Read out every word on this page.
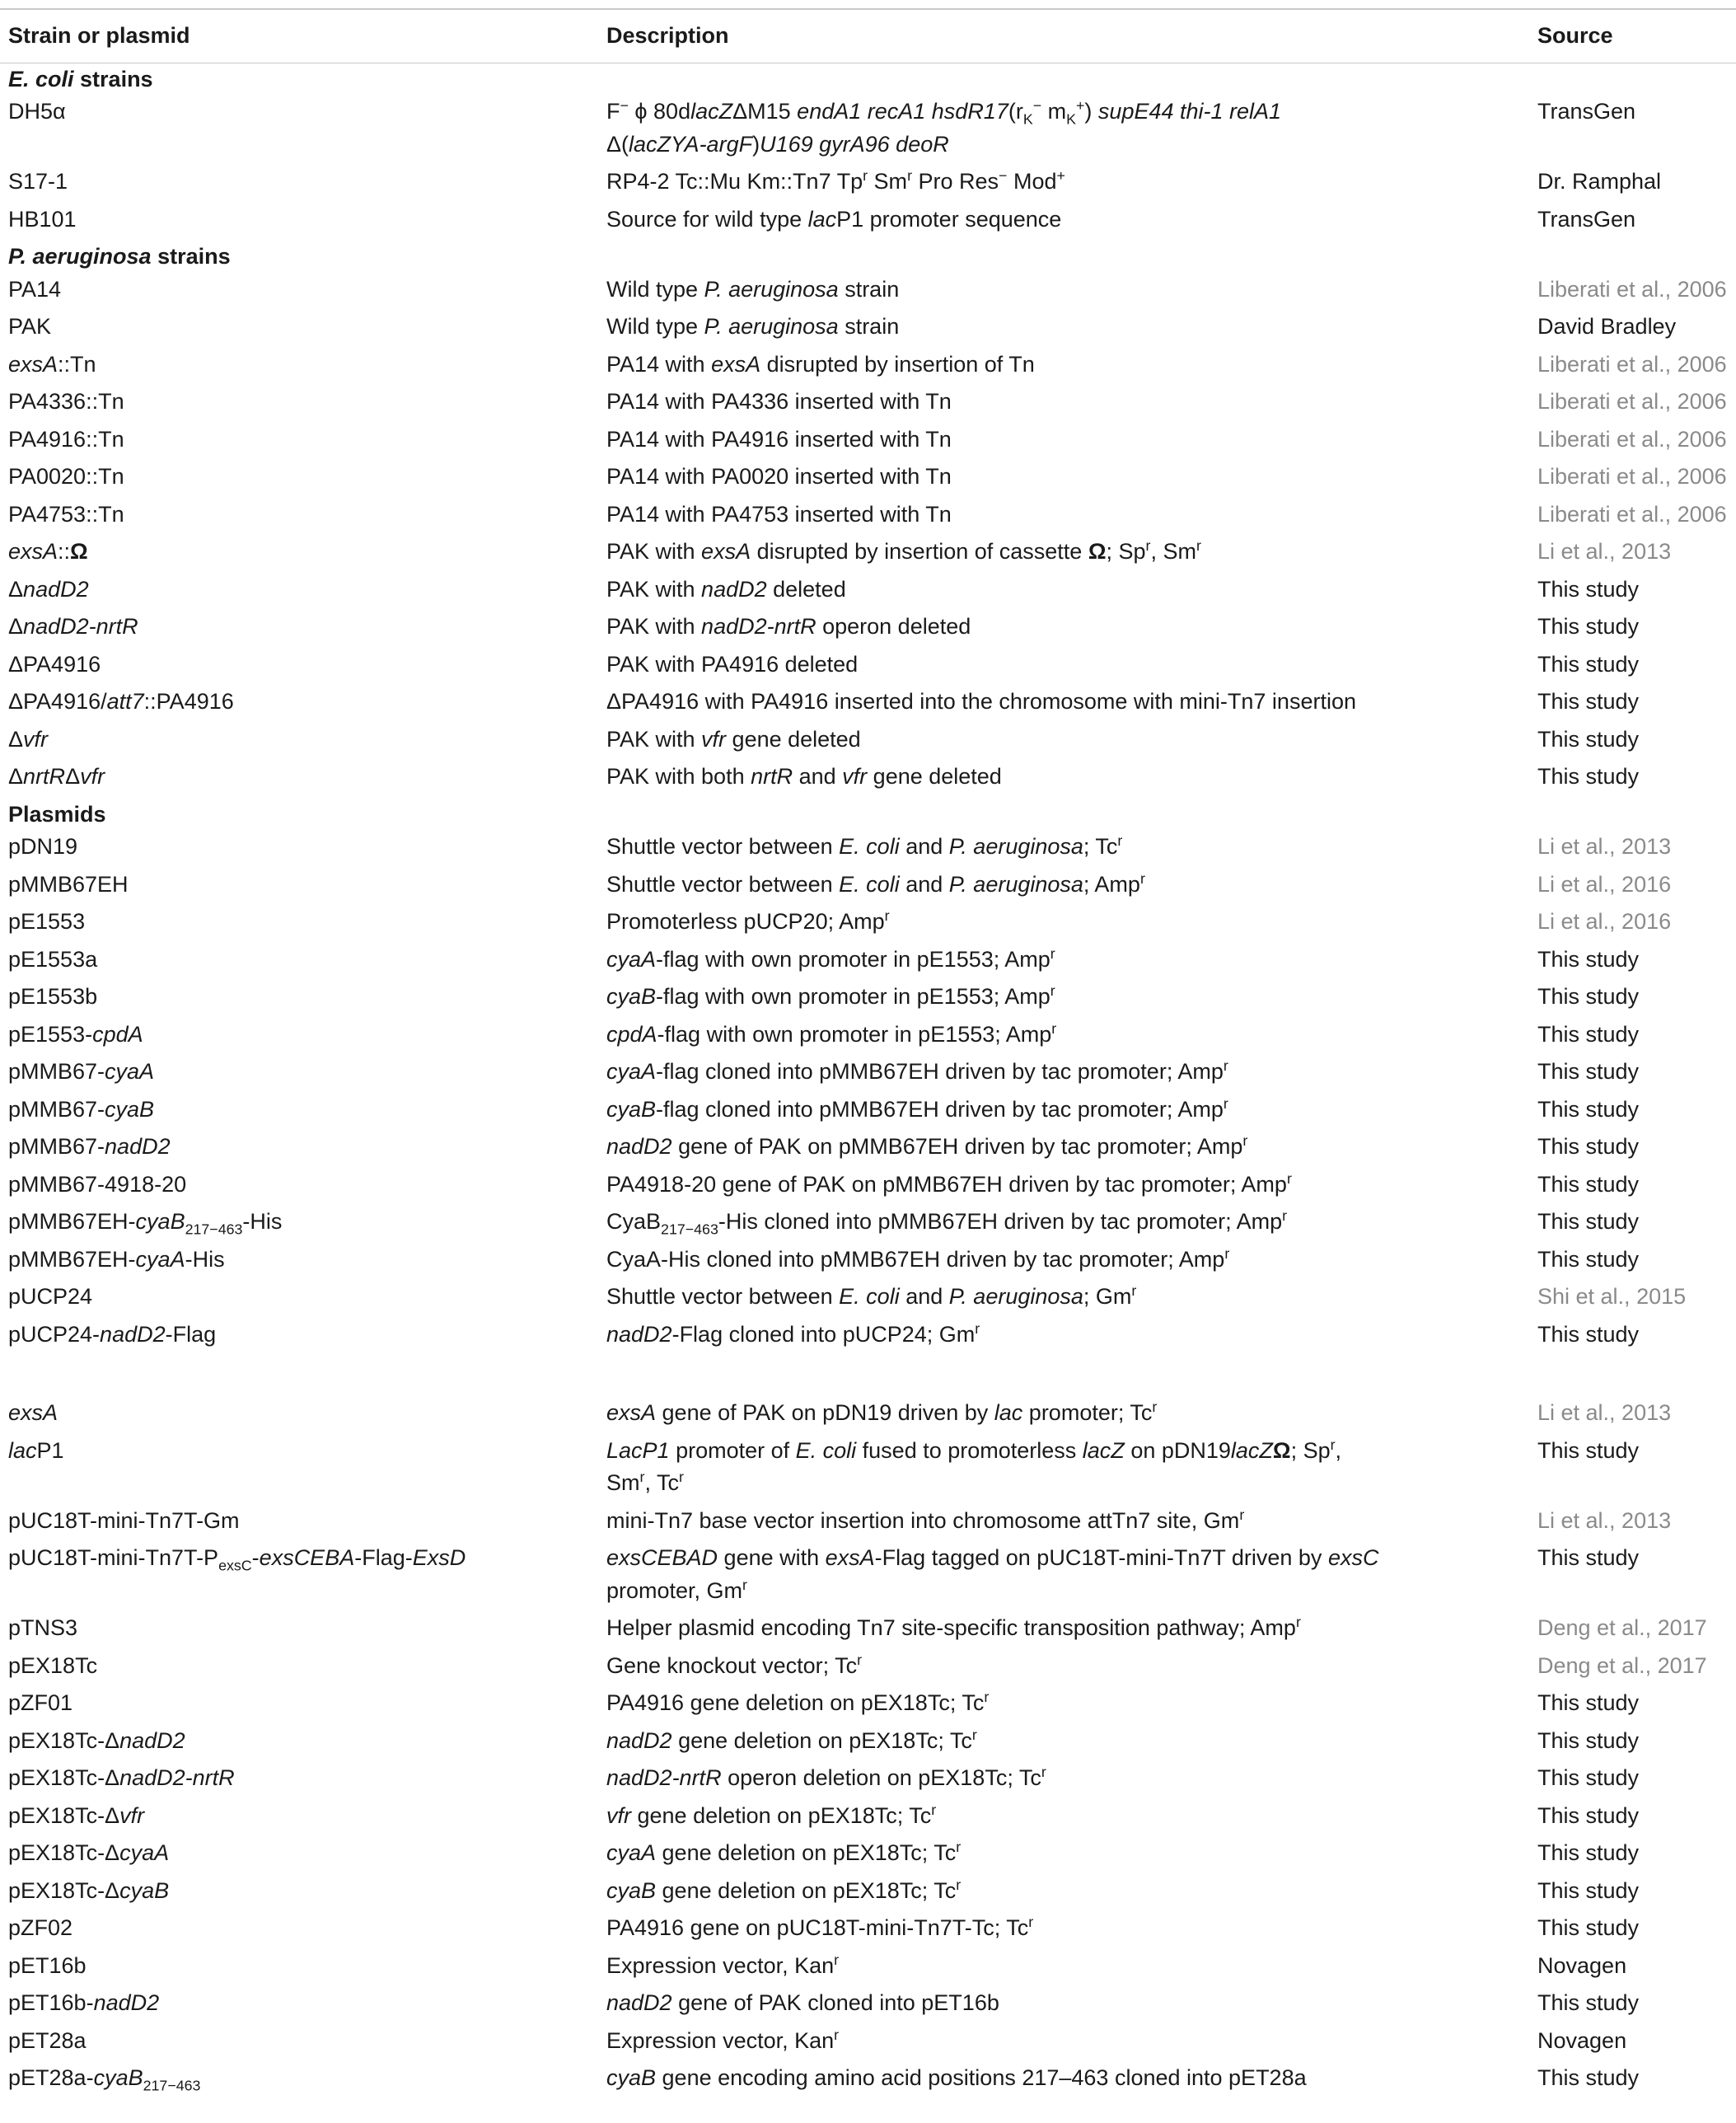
Strain or plasmid	Description	Source

E. coli strains		
DH5α	F− ϕ 80dlacZΔM15 endA1 recA1 $hsdR17(r_K^-$ $m_K^+$) supE44 thi-1 relA1
Δ(lacZYA-argF)U169 gyrA96 deoR	TransGen
S17-1	RP4-2 Tc::Mu Km::Tn7 Tp$^r$ Sm$^r$ Pro Res− Mod+	Dr. Ramphal
HB101	Source for wild type lacP1 promoter sequence	TransGen
P. aeruginosa strains		
PA14	Wild type P. aeruginosa strain	Liberati et al., 2006
PAK	Wild type P. aeruginosa strain	David Bradley
exsA::Tn	PA14 with exsA disrupted by insertion of Tn	Liberati et al., 2006
PA4336::Tn	PA14 with PA4336 inserted with Tn	Liberati et al., 2006
PA4916::Tn	PA14 with PA4916 inserted with Tn	Liberati et al., 2006
PA0020::Tn	PA14 with PA0020 inserted with Tn	Liberati et al., 2006
PA4753::Tn	PA14 with PA4753 inserted with Tn	Liberati et al., 2006
exsA::Ω	PAK with exsA disrupted by insertion of cassette Ω; Sp$^r$, Sm$^r$	Li et al., 2013
ΔnadD2	PAK with nadD2 deleted	This study
ΔnadD2-nrtR	PAK with nadD2-nrtR operon deleted	This study
ΔPA4916	PAK with PA4916 deleted	This study
ΔPA4916/att7::PA4916	ΔPA4916 with PA4916 inserted into the chromosome with mini-Tn7 insertion	This study
Δvfr	PAK with vfr gene deleted	This study
ΔnrtRΔvfr	PAK with both nrtR and vfr gene deleted	This study
Plasmids		
pDN19	Shuttle vector between E. coli and P. aeruginosa; Tc$^r$	Li et al., 2013
pMMB67EH	Shuttle vector between E. coli and P. aeruginosa; Amp$^r$	Li et al., 2016
pE1553	Promoterless pUCP20; Amp$^r$	Li et al., 2016
pE1553a	cyaA-flag with own promoter in pE1553; Amp$^r$	This study
pE1553b	cyaB-flag with own promoter in pE1553; Amp$^r$	This study
pE1553-cpdA	cpdA-flag with own promoter in pE1553; Amp$^r$	This study
pMMB67-cyaA	cyaA-flag cloned into pMMB67EH driven by tac promoter; Amp$^r$	This study
pMMB67-cyaB	cyaB-flag cloned into pMMB67EH driven by tac promoter; Amp$^r$	This study
pMMB67-nadD2	nadD2 gene of PAK on pMMB67EH driven by tac promoter; Amp$^r$	This study
pMMB67-4918-20	PA4918-20 gene of PAK on pMMB67EH driven by tac promoter; Amp$^r$	This study
pMMB67EH-cyaB$_{217-463}$-His	CyaB$_{217-463}$-His cloned into pMMB67EH driven by tac promoter; Amp$^r$	This study
pMMB67EH-cyaA-His	CyaA-His cloned into pMMB67EH driven by tac promoter; Amp$^r$	This study
pUCP24	Shuttle vector between E. coli and P. aeruginosa; Gm$^r$	Shi et al., 2015
pUCP24-nadD2-Flag	nadD2-Flag cloned into pUCP24; Gm$^r$	This study

exsA	exsA gene of PAK on pDN19 driven by lac promoter; Tc$^r$	Li et al., 2013
lacP1	LacP1 promoter of E. coli fused to promoterless lacZ on pDN19lacZΩ; Sp$^r$,
Sm$^r$, Tc$^r$	This study
pUC18T-mini-Tn7T-Gm	mini-Tn7 base vector insertion into chromosome attTn7 site, Gm$^r$	Li et al., 2013
$pUC18T-\min i-Tn7T-P_{exsC}-exsCEBA-Flag$-ExsD	exsCEBAD gene with exsA-Flag tagged on pUC18T-mini-Tn7T driven by exsC
promoter, Gm$^r$	This study
pTNS3	Helper plasmid encoding Tn7 site-specific transposition pathway; Amp$^r$	Deng et al., 2017
pEX18Tc	Gene knockout vector; Tc$^r$	Deng et al., 2017
pZF01	PA4916 gene deletion on pEX18Tc; Tc$^r$	This study
pEX18Tc-ΔnadD2	nadD2 gene deletion on pEX18Tc; Tc$^r$	This study
pEX18Tc-ΔnadD2-nrtR	nadD2-nrtR operon deletion on pEX18Tc; Tc$^r$	This study
pEX18Tc-Δvfr	vfr gene deletion on pEX18Tc; Tc$^r$	This study
pEX18Tc-ΔcyaA	cyaA gene deletion on pEX18Tc; Tc$^r$	This study
pEX18Tc-ΔcyaB	cyaB gene deletion on pEX18Tc; Tc$^r$	This study
pZF02	PA4916 gene on pUC18T-mini-Tn7T-Tc; Tc$^r$	This study
pET16b	Expression vector, Kan$^r$	Novagen
pET16b-nadD2	nadD2 gene of PAK cloned into pET16b	This study
pET28a	Expression vector, Kan$^r$	Novagen
pET28a-cyaB$_{217-463}$	cyaB gene encoding amino acid positions 217–463 cloned into pET28a	This study
